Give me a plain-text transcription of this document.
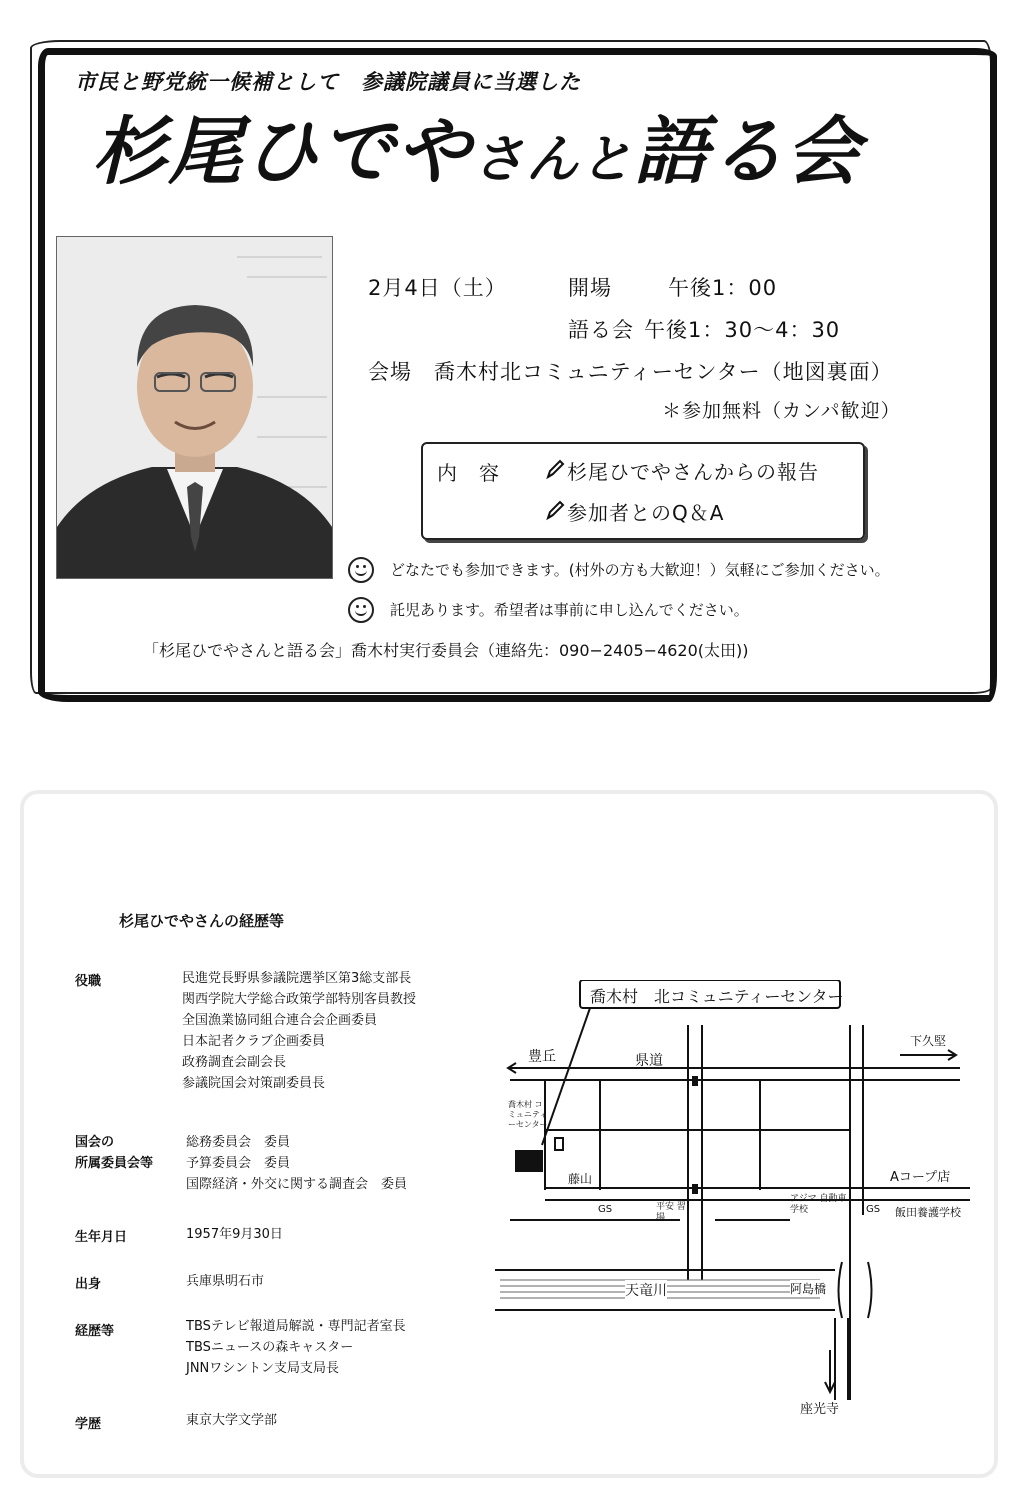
市民と野党統一候補として　参議院議員に当選した
杉尾ひでやさんと語る会
2月4日（土）	開場	午後1：00
語る会 午後1：30～4：30
会場　喬木村北コミュニティーセンター（地図裏面）
＊参加無料（カンパ歓迎）
内　容	杉尾ひでやさんからの報告
参加者とのQ＆A
どなたでも参加できます。(村外の方も大歓迎！）気軽にご参加ください。
託児あります。希望者は事前に申し込んでください。
「杉尾ひでやさんと語る会」喬木村実行委員会（連絡先：090−2405−4620(太田))
杉尾ひでやさんの経歴等
役職	民進党長野県参議院選挙区第3総支部長
関西学院大学総合政策学部特別客員教授
全国漁業協同組合連合会企画委員
日本記者クラブ企画委員
政務調査会副会長
参議院国会対策副委員長
国会の
所属委員会等
総務委員会　委員
予算委員会　委員
国際経済・外交に関する調査会　委員
生年月日	1957年9月30日
出身	兵庫県明石市
経歴等	TBSテレビ報道局解説・専門記者室長
TBSニュースの森キャスター
JNNワシントン支局支局長
学歴	東京大学文学部
喬木村　北コミュニティーセンター
豊丘
下久堅
県道
喬木村 コミュニティーセンター
藤山	Aコープ店
GS	平安 習場
アジマ 自動車学校	GS 飯田養護学校
天竜川	阿島橋
座光寺
